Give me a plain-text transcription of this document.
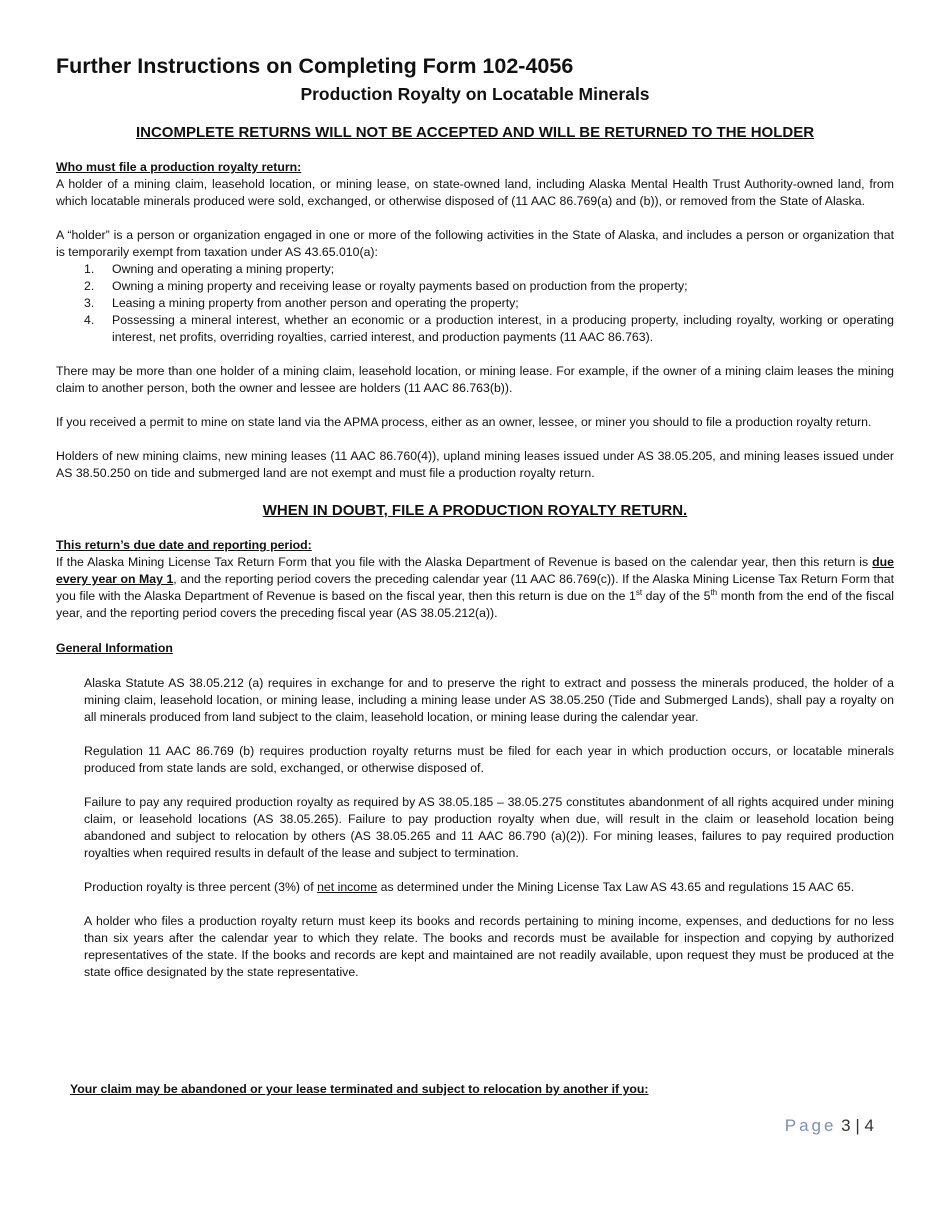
Further Instructions on Completing Form 102-4056
Production Royalty on Locatable Minerals
INCOMPLETE RETURNS WILL NOT BE ACCEPTED AND WILL BE RETURNED TO THE HOLDER
Who must file a production royalty return:

A holder of a mining claim, leasehold location, or mining lease, on state-owned land, including Alaska Mental Health Trust Authority-owned land, from which locatable minerals produced were sold, exchanged, or otherwise disposed of (11 AAC 86.769(a) and (b)), or removed from the State of Alaska.

A “holder” is a person or organization engaged in one or more of the following activities in the State of Alaska, and includes a person or organization that is temporarily exempt from taxation under AS 43.65.010(a):

1. Owning and operating a mining property;
2. Owning a mining property and receiving lease or royalty payments based on production from the property;
3. Leasing a mining property from another person and operating the property;
4. Possessing a mineral interest, whether an economic or a production interest, in a producing property, including royalty, working or operating interest, net profits, overriding royalties, carried interest, and production payments (11 AAC 86.763).

There may be more than one holder of a mining claim, leasehold location, or mining lease. For example, if the owner of a mining claim leases the mining claim to another person, both the owner and lessee are holders (11 AAC 86.763(b)).

If you received a permit to mine on state land via the APMA process, either as an owner, lessee, or miner you should to file a production royalty return.

Holders of new mining claims, new mining leases (11 AAC 86.760(4)), upland mining leases issued under AS 38.05.205, and mining leases issued under AS 38.50.250 on tide and submerged land are not exempt and must file a production royalty return.

WHEN IN DOUBT, FILE A PRODUCTION ROYALTY RETURN.
This return’s due date and reporting period:

If the Alaska Mining License Tax Return Form that you file with the Alaska Department of Revenue is based on the calendar year, then this return is due every year on May 1, and the reporting period covers the preceding calendar year (11 AAC 86.769(c)). If the Alaska Mining License Tax Return Form that you file with the Alaska Department of Revenue is based on the fiscal year, then this return is due on the 1st day of the 5th month from the end of the fiscal year, and the reporting period covers the preceding fiscal year (AS 38.05.212(a)).

General Information

Alaska Statute AS 38.05.212 (a) requires in exchange for and to preserve the right to extract and possess the minerals produced, the holder of a mining claim, leasehold location, or mining lease, including a mining lease under AS 38.05.250 (Tide and Submerged Lands), shall pay a royalty on all minerals produced from land subject to the claim, leasehold location, or mining lease during the calendar year.

Regulation 11 AAC 86.769 (b) requires production royalty returns must be filed for each year in which production occurs, or locatable minerals produced from state lands are sold, exchanged, or otherwise disposed of.

Failure to pay any required production royalty as required by AS 38.05.185 – 38.05.275 constitutes abandonment of all rights acquired under mining claim, or leasehold locations (AS 38.05.265). Failure to pay production royalty when due, will result in the claim or leasehold location being abandoned and subject to relocation by others (AS 38.05.265 and 11 AAC 86.790 (a)(2)). For mining leases, failures to pay required production royalties when required results in default of the lease and subject to termination.

Production royalty is three percent (3%) of net income as determined under the Mining License Tax Law AS 43.65 and regulations 15 AAC 65.

A holder who files a production royalty return must keep its books and records pertaining to mining income, expenses, and deductions for no less than six years after the calendar year to which they relate. The books and records must be available for inspection and copying by authorized representatives of the state. If the books and records are kept and maintained are not readily available, upon request they must be produced at the state office designated by the state representative.

Your claim may be abandoned or your lease terminated and subject to relocation by another if you:
Page 3 | 4
